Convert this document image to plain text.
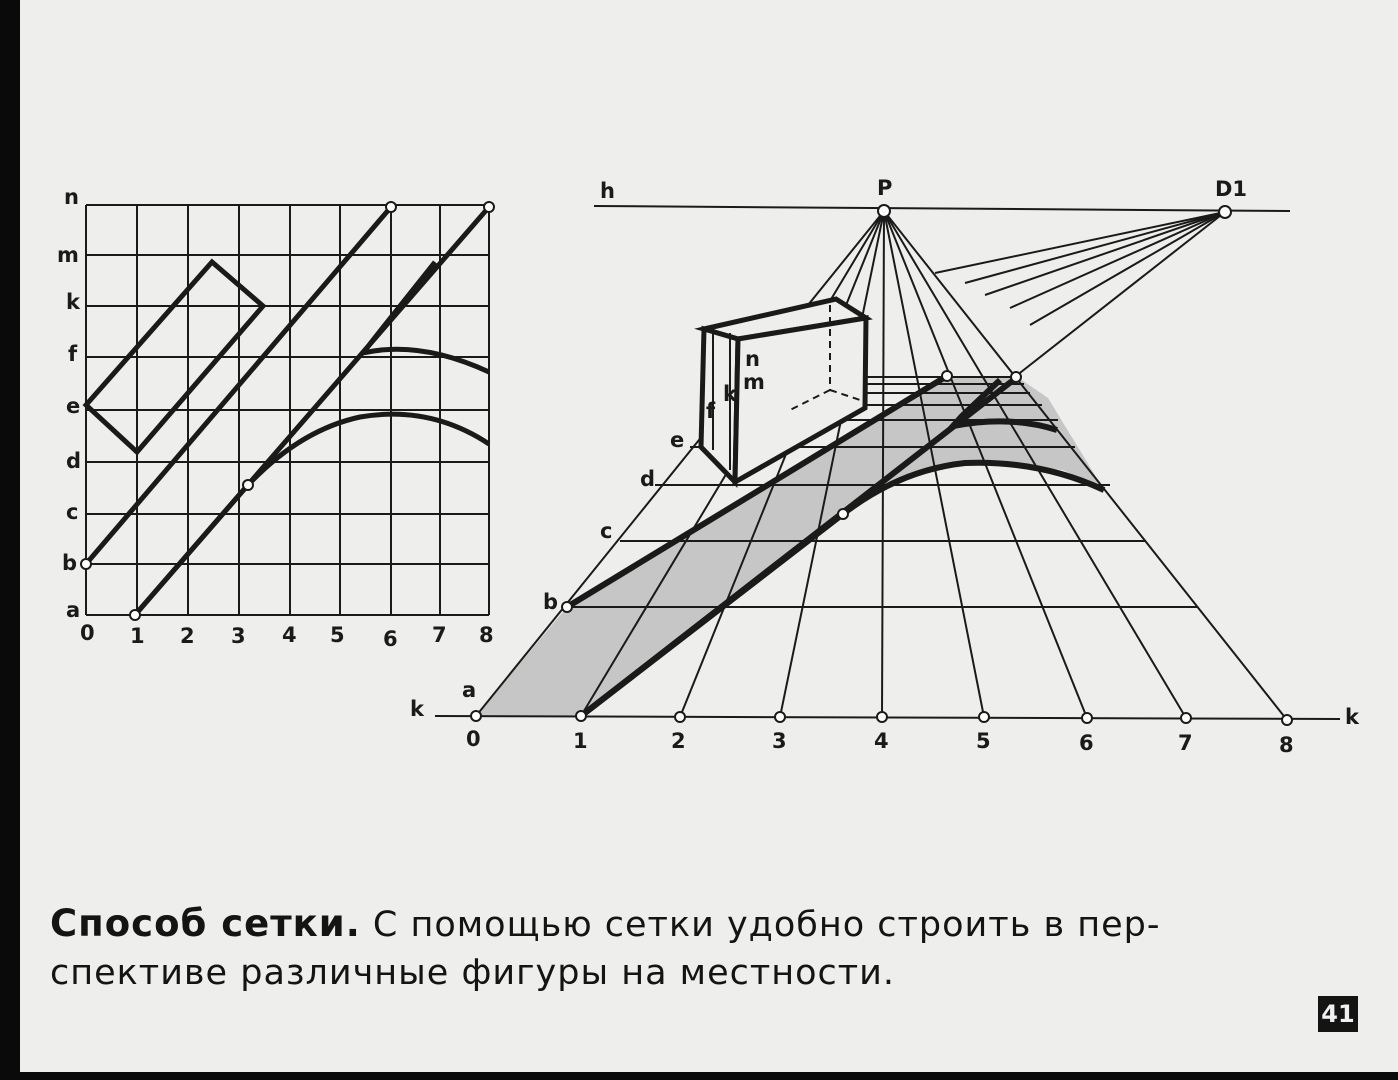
a
b
c
d
e
f
k
m
n
0 1 2 3 4 5 6 7 8
h	P	D1
k	k
a
b
c
d
e
f
k m
n
0	1	2	3	4	5	6	7	8
Способ сетки. С помощью сетки удобно строить в пер-
спективе различные фигуры на местности.
41
